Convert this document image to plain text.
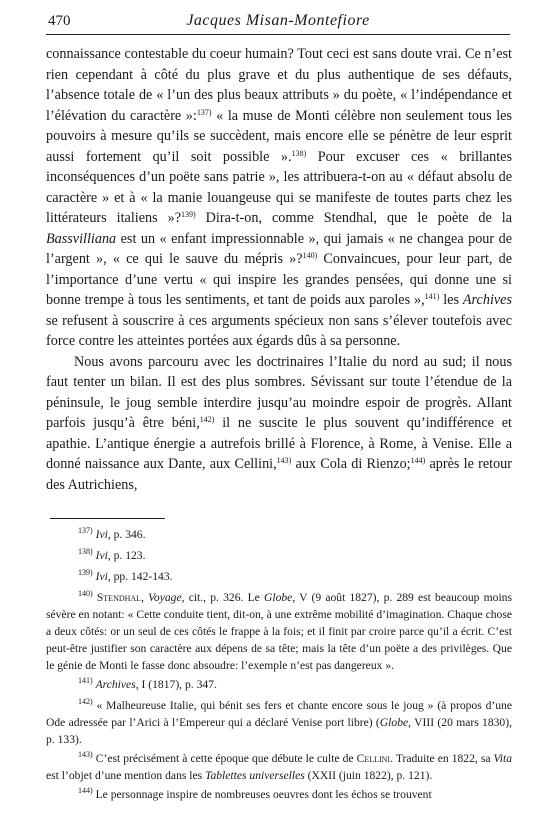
470	Jacques Misan-Montefiore

connaissance contestable du coeur humain? Tout ceci est sans doute vrai. Ce n’est rien cependant à côté du plus grave et du plus authentique de ses défauts, l’absence totale de « l’un des plus beaux attributs » du poète, « l’indépendance et l’élévation du caractère »:$^{137)}$ « la muse de Monti célèbre non seulement tous les pouvoirs à mesure qu’ils se succèdent, mais encore elle se pénètre de leur esprit aussi fortement qu’il soit possible ».$^{138)}$ Pour excuser ces « brillantes inconséquences d’un poëte sans patrie », les attribuera-t-on au « défaut absolu de caractère » et à « la manie louangeuse qui se manifeste de toutes parts chez les littérateurs italiens »?$^{139)}$ Dira-t-on, comme Stendhal, que le poète de la Bassvilliana est un « enfant impressionnable », qui jamais « ne changea pour de l’argent », « ce qui le sauve du mépris »?$^{140)}$ Convaincues, pour leur part, de l’importance d’une vertu « qui inspire les grandes pensées, qui donne une si bonne trempe à tous les sentiments, et tant de poids aux paroles »,$^{141)}$ les Archives se refusent à souscrire à ces arguments spécieux non sans s’élever toutefois avec force contre les atteintes portées aux égards dûs à sa personne.

Nous avons parcouru avec les doctrinaires l’Italie du nord au sud; il nous faut tenter un bilan. Il est des plus sombres. Sévissant sur toute l’étendue de la péninsule, le joug semble interdire jusqu’au moindre espoir de progrès. Allant parfois jusqu’à être béni,$^{142)}$ il ne suscite le plus souvent qu’indifférence et apathie. L’antique énergie a autrefois brillé à Florence, à Rome, à Venise. Elle a donné naissance aux Dante, aux Cellini,$^{143)}$ aux Cola di Rienzo;$^{144)}$ après le retour des Autrichiens,

$^{137)}$ Ivi, p. 346.

$^{138)}$ Ivi, p. 123.

$^{139)}$ Ivi, pp. 142-143.

$^{140)}$ Stendhal, Voyage, cit., p. 326. Le Globe, V (9 août 1827), p. 289 est beaucoup moins sévère en notant: « Cette conduite tient, dit-on, à une extrême mobilité d’imagination. Chaque chose a deux côtés: or un seul de ces côtés le frappe à la fois; et il finit par croire parce qu’il a écrit. C’est peut-être justifier son caractère aux dépens de sa tête; mais la tête d’un poëte a des privilèges. Que le génie de Monti le fasse donc absoudre: l’exemple n’est pas dangereux ».

$^{141)}$ Archives, I (1817), p. 347.

$^{142)}$ « Malheureuse Italie, qui bénit ses fers et chante encore sous le joug » (à propos d’une Ode adressée par l’Arici à l’Empereur qui a déclaré Venise port libre) (Globe, VIII (20 mars 1830), p. 133).

$^{143)}$ C’est précisément à cette époque que débute le culte de Cellini. Traduite en 1822, sa Vita est l’objet d’une mention dans les Tablettes universelles (XXII (juin 1822), p. 121).

$^{144)}$ Le personnage inspire de nombreuses oeuvres dont les échos se trouvent
